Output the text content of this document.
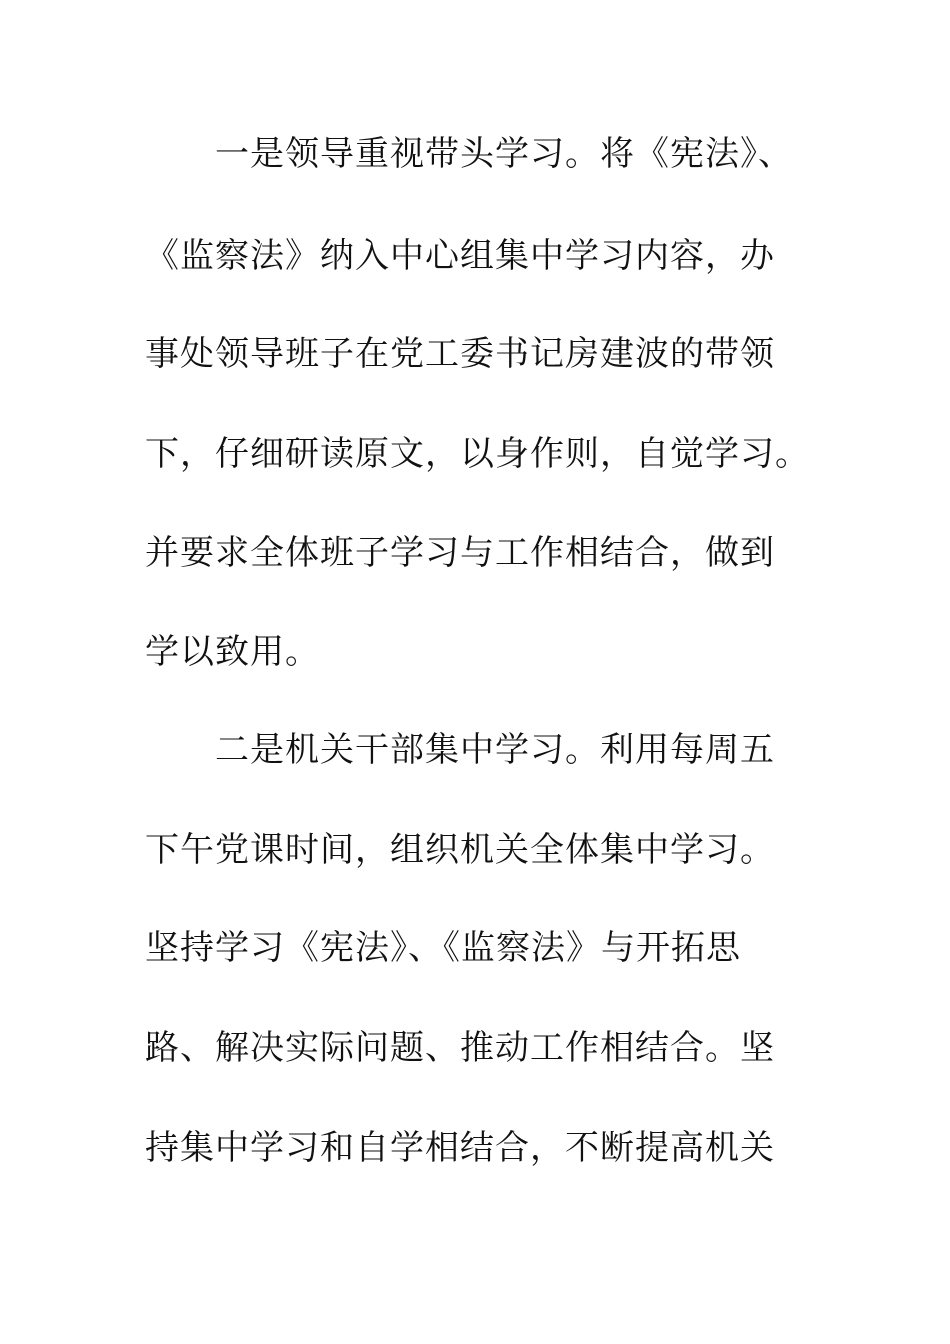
一是领导重视带头学习。将《宪法》、
《监察法》纳入中心组集中学习内容，办
事处领导班子在党工委书记房建波的带领
下，仔细研读原文，以身作则，自觉学习。
并要求全体班子学习与工作相结合，做到
学以致用。
二是机关干部集中学习。利用每周五
下午党课时间，组织机关全体集中学习。
坚持学习《宪法》、《监察法》与开拓思
路、解决实际问题、推动工作相结合。坚
持集中学习和自学相结合，不断提高机关
